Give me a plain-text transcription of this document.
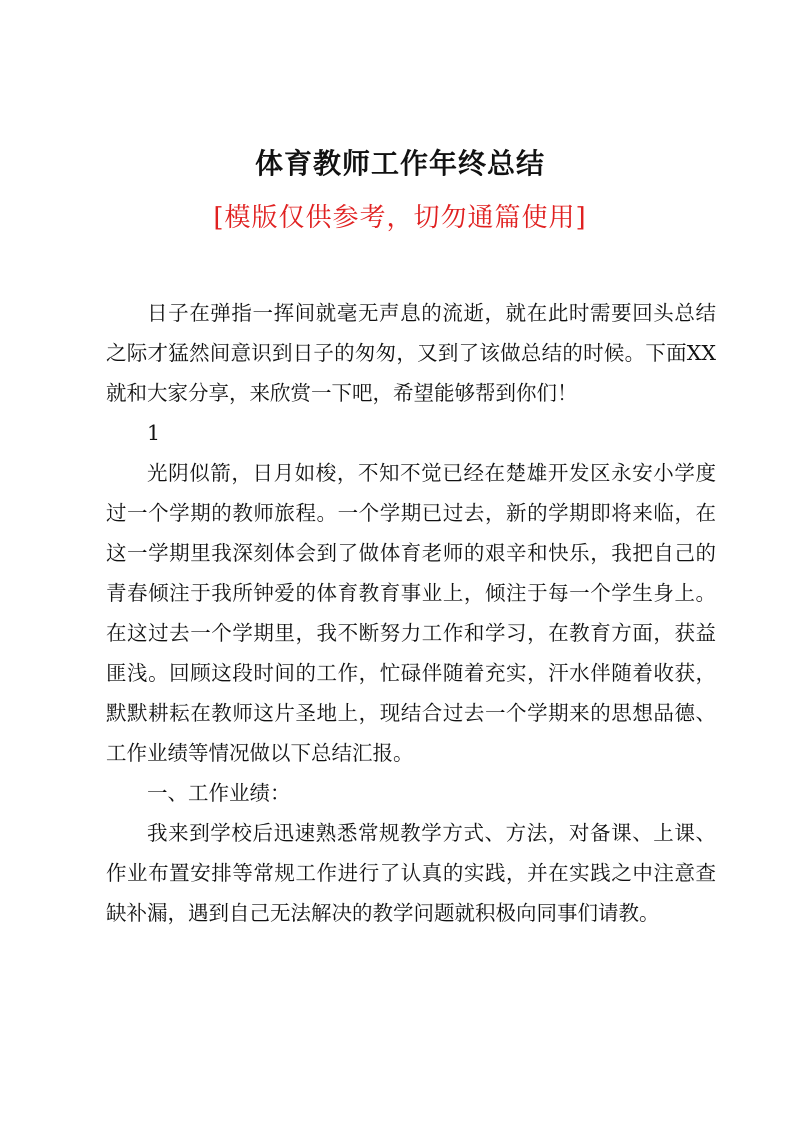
体育教师工作年终总结
[模版仅供参考，切勿通篇使用]

日子在弹指一挥间就毫无声息的流逝，就在此时需要回头总结之际才猛然间意识到日子的匆匆，又到了该做总结的时候。下面XX就和大家分享，来欣赏一下吧，希望能够帮到你们！

1

光阴似箭，日月如梭，不知不觉已经在楚雄开发区永安小学度过一个学期的教师旅程。一个学期已过去，新的学期即将来临，在这一学期里我深刻体会到了做体育老师的艰辛和快乐，我把自己的青春倾注于我所钟爱的体育教育事业上，倾注于每一个学生身上。在这过去一个学期里，我不断努力工作和学习，在教育方面，获益匪浅。回顾这段时间的工作，忙碌伴随着充实，汗水伴随着收获，默默耕耘在教师这片圣地上，现结合过去一个学期来的思想品德、工作业绩等情况做以下总结汇报。

一、工作业绩：

我来到学校后迅速熟悉常规教学方式、方法，对备课、上课、作业布置安排等常规工作进行了认真的实践，并在实践之中注意查缺补漏，遇到自己无法解决的教学问题就积极向同事们请教。
